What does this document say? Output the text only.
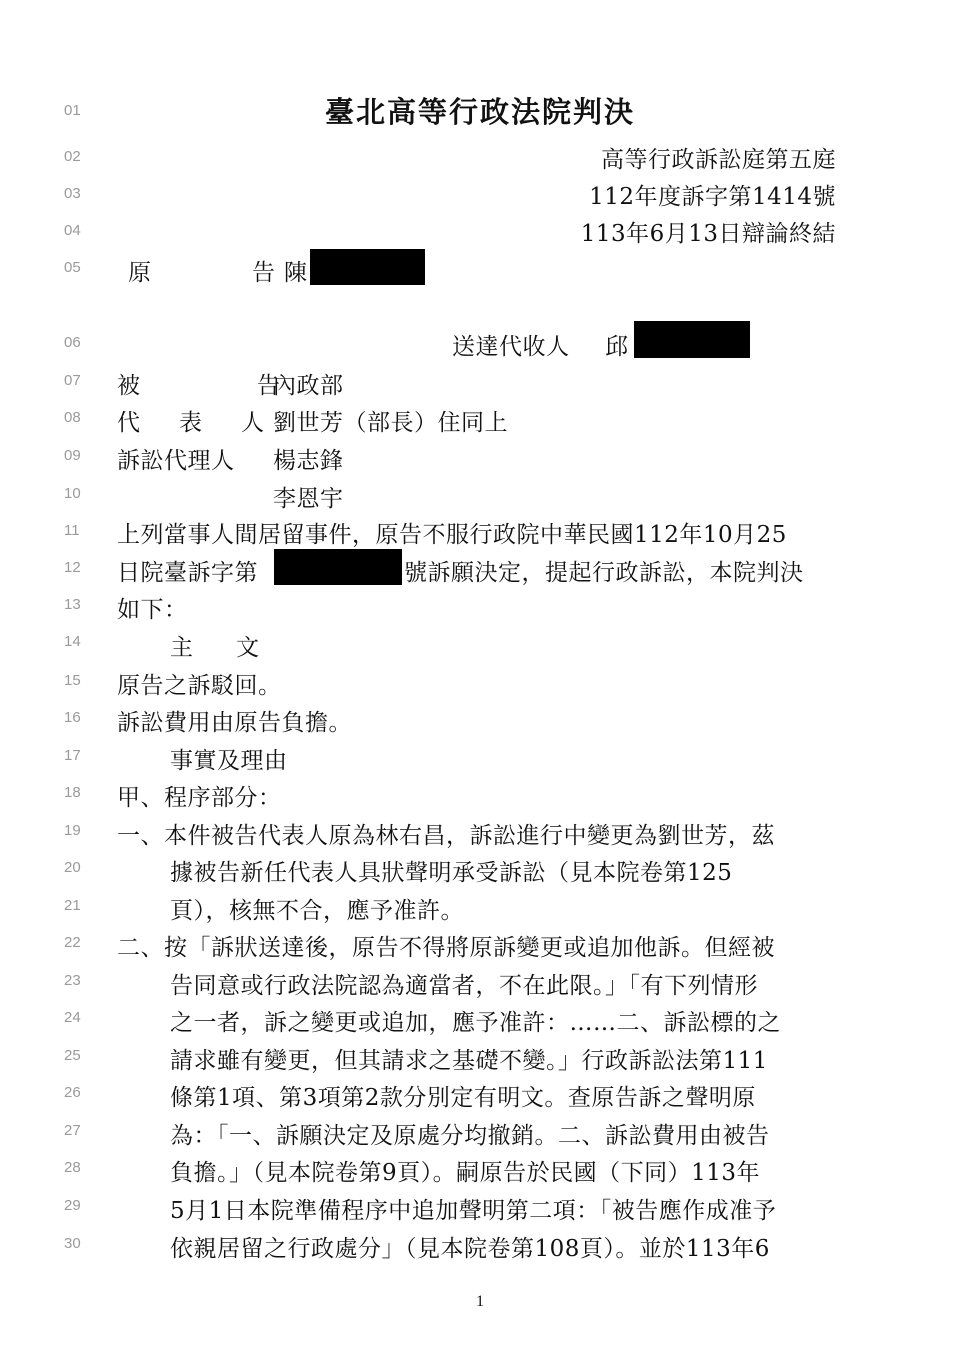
01
02
03
04
05
06
07
08
09
10
11
12
13
14
15
16
17
18
19
20
21
22
23
24
25
26
27
28
29
30
臺北高等行政法院判決
高等行政訴訟庭第五庭
112年度訴字第1414號
113年6月13日辯論終結
原　　　告 陳
送達代收人 邱
被　　　告
內政部
代　表　人 劉世芳（部長）住同上
訴訟代理人 楊志鋒
李恩宇
上列當事人間居留事件，原告不服行政院中華民國112年10月25
日院臺訴字第	號訴願決定，提起行政訴訟，本院判決
如下：
主　文
原告之訴駁回。
訴訟費用由原告負擔。
事實及理由
甲、程序部分：
一、本件被告代表人原為林右昌，訴訟進行中變更為劉世芳，茲
據被告新任代表人具狀聲明承受訴訟（見本院卷第125
頁），核無不合，應予准許。
二、按「訴狀送達後，原告不得將原訴變更或追加他訴。但經被
告同意或行政法院認為適當者，不在此限。」「有下列情形
之一者，訴之變更或追加，應予准許：……二、訴訟標的之
請求雖有變更，但其請求之基礎不變。」行政訴訟法第111
條第1項、第3項第2款分別定有明文。查原告訴之聲明原
為：「一、訴願決定及原處分均撤銷。二、訴訟費用由被告
負擔。」（見本院卷第9頁）。嗣原告於民國（下同）113年
5月1日本院準備程序中追加聲明第二項：「被告應作成准予
依親居留之行政處分」（見本院卷第108頁）。並於113年6
1
